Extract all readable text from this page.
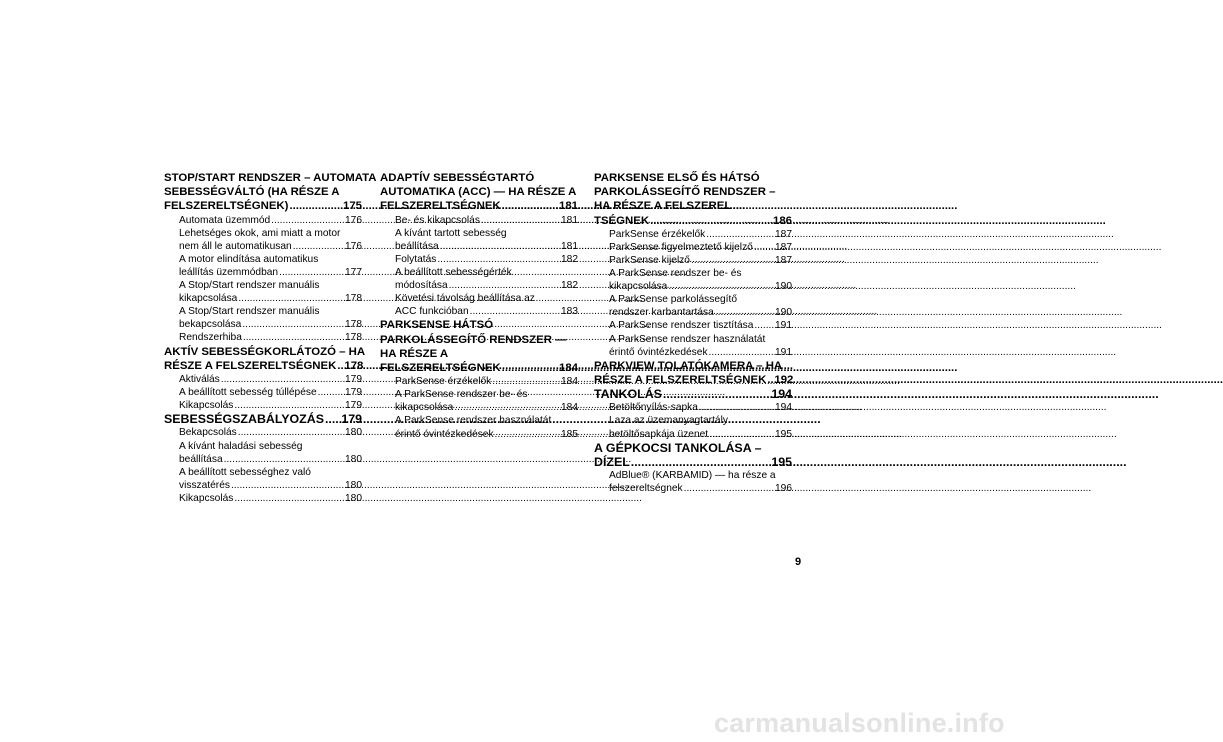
STOP/START RENDSZER – AUTOMATA
SEBESSÉGVÁLTÓ (HA RÉSZE A
FELSZERELTSÉGNEK) .....	175
Automata üzemmód .....	176
Lehetséges okok, ami miatt a motor
nem áll le automatikusan .....	176
A motor elindítása automatikus
leállítás üzemmódban .....	177
A Stop/Start rendszer manuális
kikapcsolása .....	178
A Stop/Start rendszer manuális
bekapcsolása .....	178
Rendszerhiba .....	178
AKTÍV SEBESSÉGKORLÁTOZÓ – HA
RÉSZE A FELSZERELTSÉGNEK ..... 178
Aktiválás .....	179
A beállított sebesség túllépése .....	179
Kikapcsolás .....	179
SEBESSÉGSZABÁLYOZÁS ..... 179
Bekapcsolás .....	180
A kívánt haladási sebesség
beállítása .....	180
A beállított sebességhez való
visszatérés .....	180
Kikapcsolás .....	180
ADAPTÍV SEBESSÉGTARTÓ
AUTOMATIKA (ACC) — HA RÉSZE A
FELSZERELTSÉGNEK .....	181
Be- és kikapcsolás .....	181
A kívánt tartott sebesség
beállítása .....	181
Folytatás .....	182
A beállított sebességérték
módosítása .....	182
Követési távolság beállítása az
ACC funkcióban .....	183
PARKSENSE HÁTSÓ
PARKOLÁSSEGÍTŐ RENDSZER —
HA RÉSZE A
FELSZERELTSÉGNEK .....	184
ParkSense érzékelők .....	184
A ParkSense rendszer be- és
kikapcsolása .....	184
A ParkSense rendszer használatát
érintő óvintézkedések .....	185
PARKSENSE ELSŐ ÉS HÁTSÓ
PARKOLÁSSEGÍTŐ RENDSZER –
HA RÉSZE A FELSZEREL
TSÉGNEK .....	186
ParkSense érzékelők .....	187
ParkSense figyelmeztető kijelző ..... 187
ParkSense kijelző .....	187
A ParkSense rendszer be- és
kikapcsolása .....	190
A ParkSense parkolássegítő
rendszer karbantartása .....	190
A ParkSense rendszer tisztítása ..... 191
A ParkSense rendszer használatát
érintő óvintézkedések .....	191
PARKVIEW TOLATÓKAMERA – HA
RÉSZE A FELSZERELTSÉGNEK ..... 192
TANKOLÁS .....	194
Betöltőnyílás-sapka .....	194
Laza az üzemanyagtartály
betöltősapkája üzenet .....	195
A GÉPKOCSI TANKOLÁSA –
DÍZEL .....	195
AdBlue® (KARBAMID) — ha része a
felszereltségnek .....	196
9
carmanualsonline.info
